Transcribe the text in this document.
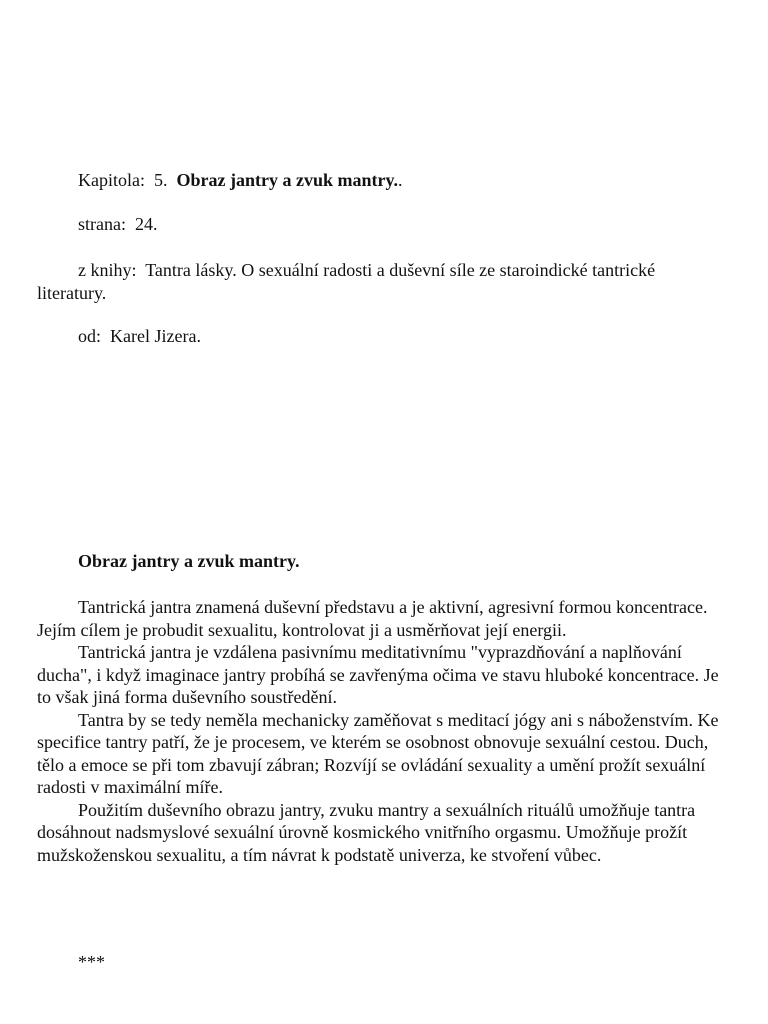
Kapitola: 5. Obraz jantry a zvuk mantry..
strana: 24.

z knihy: Tantra lásky. O sexuální radosti a duševní síle ze staroindické tantrické literatury.

od: Karel Jizera.
Obraz jantry a zvuk mantry.

Tantrická jantra znamená duševní představu a je aktivní, agresivní formou koncentrace. Jejím cílem je probudit sexualitu, kontrolovat ji a usměrňovat její energii.

Tantrická jantra je vzdálena pasivnímu meditativnímu "vyprazdňování a naplňování ducha", i když imaginace jantry probíhá se zavřenýma očima ve stavu hluboké koncentrace. Je to však jiná forma duševního soustředění.

Tantra by se tedy neměla mechanicky zaměňovat s meditací jógy ani s náboženstvím. Ke specifice tantry patří, že je procesem, ve kterém se osobnost obnovuje sexuální cestou. Duch, tělo a emoce se při tom zbavují zábran; Rozvíjí se ovládání sexuality a umění prožít sexuální radosti v maximální míře.

Použitím duševního obrazu jantry, zvuku mantry a sexuálních rituálů umožňuje tantra dosáhnout nadsmyslové sexuální úrovně kosmického vnitřního orgasmu. Umožňuje prožít mužskoženskou sexualitu, a tím návrat k podstatě univerza, ke stvoření vůbec.

***
